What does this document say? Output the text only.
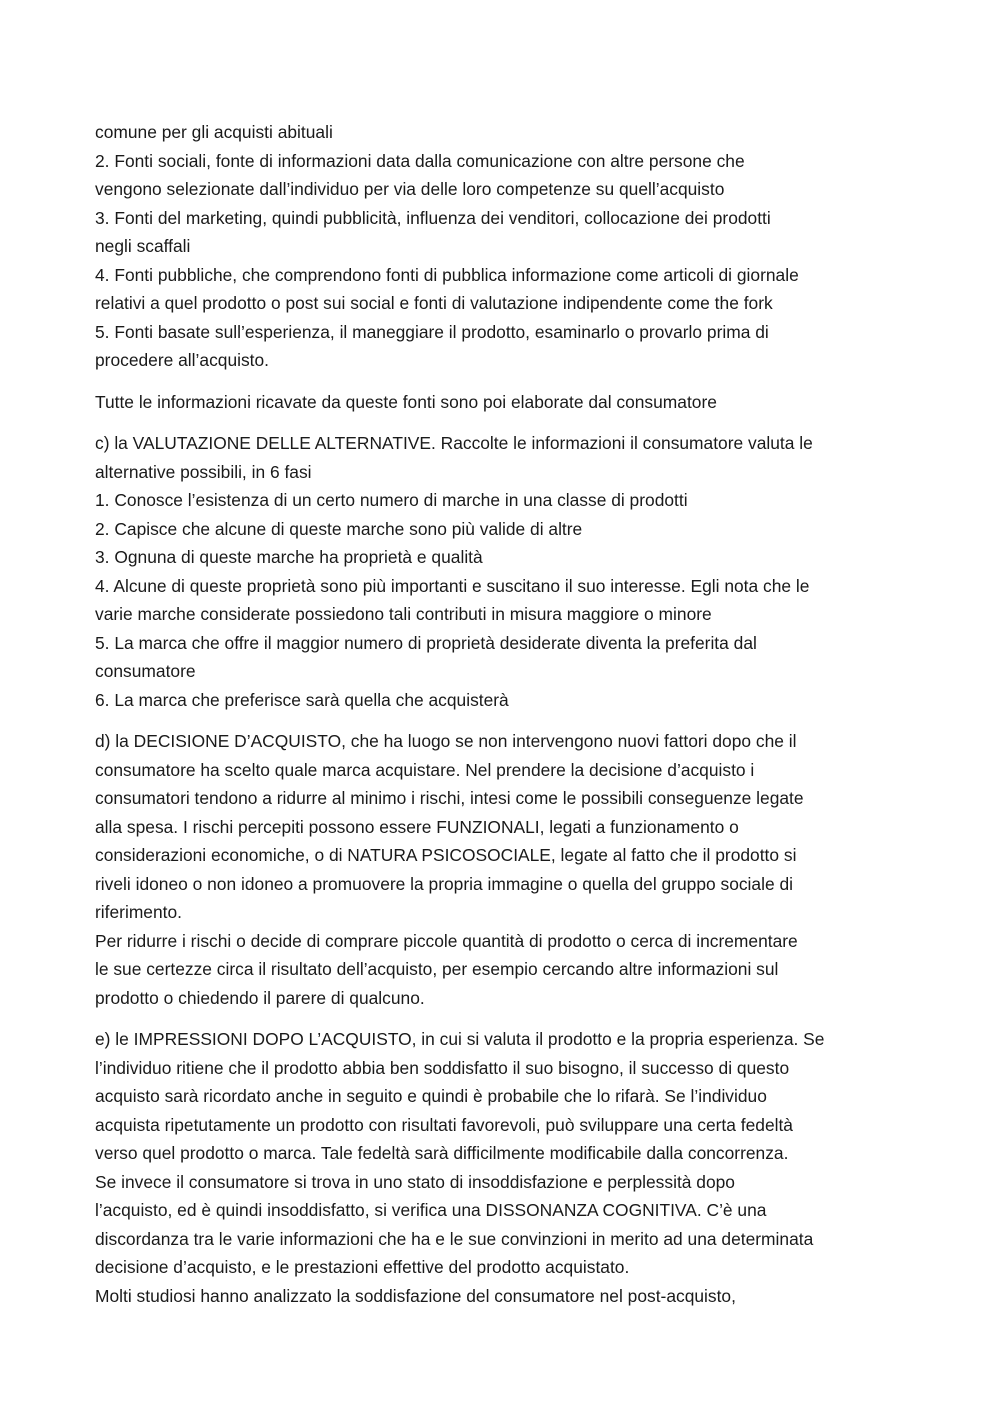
comune per gli acquisti abituali
2. Fonti sociali, fonte di informazioni data dalla comunicazione con altre persone che
vengono selezionate dall’individuo per via delle loro competenze su quell’acquisto
3. Fonti del marketing, quindi pubblicità, influenza dei venditori, collocazione dei prodotti
negli scaffali
4. Fonti pubbliche, che comprendono fonti di pubblica informazione come articoli di giornale
relativi a quel prodotto o post sui social e fonti di valutazione indipendente come the fork
5. Fonti basate sull’esperienza, il maneggiare il prodotto, esaminarlo o provarlo prima di
procedere all’acquisto.
Tutte le informazioni ricavate da queste fonti sono poi elaborate dal consumatore
c) la VALUTAZIONE DELLE ALTERNATIVE. Raccolte le informazioni il consumatore valuta le
alternative possibili, in 6 fasi
1. Conosce l’esistenza di un certo numero di marche in una classe di prodotti
2. Capisce che alcune di queste marche sono più valide di altre
3. Ognuna di queste marche ha proprietà e qualità
4. Alcune di queste proprietà sono più importanti e suscitano il suo interesse. Egli nota che le
varie marche considerate possiedono tali contributi in misura maggiore o minore
5. La marca che offre il maggior numero di proprietà desiderate diventa la preferita dal
consumatore
6. La marca che preferisce sarà quella che acquisterà
d) la DECISIONE D’ACQUISTO, che ha luogo se non intervengono nuovi fattori dopo che il
consumatore ha scelto quale marca acquistare. Nel prendere la decisione d’acquisto i
consumatori tendono a ridurre al minimo i rischi, intesi come le possibili conseguenze legate
alla spesa. I rischi percepiti possono essere FUNZIONALI, legati a funzionamento o
considerazioni economiche, o di NATURA PSICOSOCIALE, legate al fatto che il prodotto si
riveli idoneo o non idoneo a promuovere la propria immagine o quella del gruppo sociale di
riferimento.
Per ridurre i rischi o decide di comprare piccole quantità di prodotto o cerca di incrementare
le sue certezze circa il risultato dell’acquisto, per esempio cercando altre informazioni sul
prodotto o chiedendo il parere di qualcuno.
e) le IMPRESSIONI DOPO L’ACQUISTO, in cui si valuta il prodotto e la propria esperienza. Se
l’individuo ritiene che il prodotto abbia ben soddisfatto il suo bisogno, il successo di questo
acquisto sarà ricordato anche in seguito e quindi è probabile che lo rifarà. Se l’individuo
acquista ripetutamente un prodotto con risultati favorevoli, può sviluppare una certa fedeltà
verso quel prodotto o marca. Tale fedeltà sarà difficilmente modificabile dalla concorrenza.
Se invece il consumatore si trova in uno stato di insoddisfazione e perplessità dopo
l’acquisto, ed è quindi insoddisfatto, si verifica una DISSONANZA COGNITIVA. C’è una
discordanza tra le varie informazioni che ha e le sue convinzioni in merito ad una determinata
decisione d’acquisto, e le prestazioni effettive del prodotto acquistato.
Molti studiosi hanno analizzato la soddisfazione del consumatore nel post-acquisto,
